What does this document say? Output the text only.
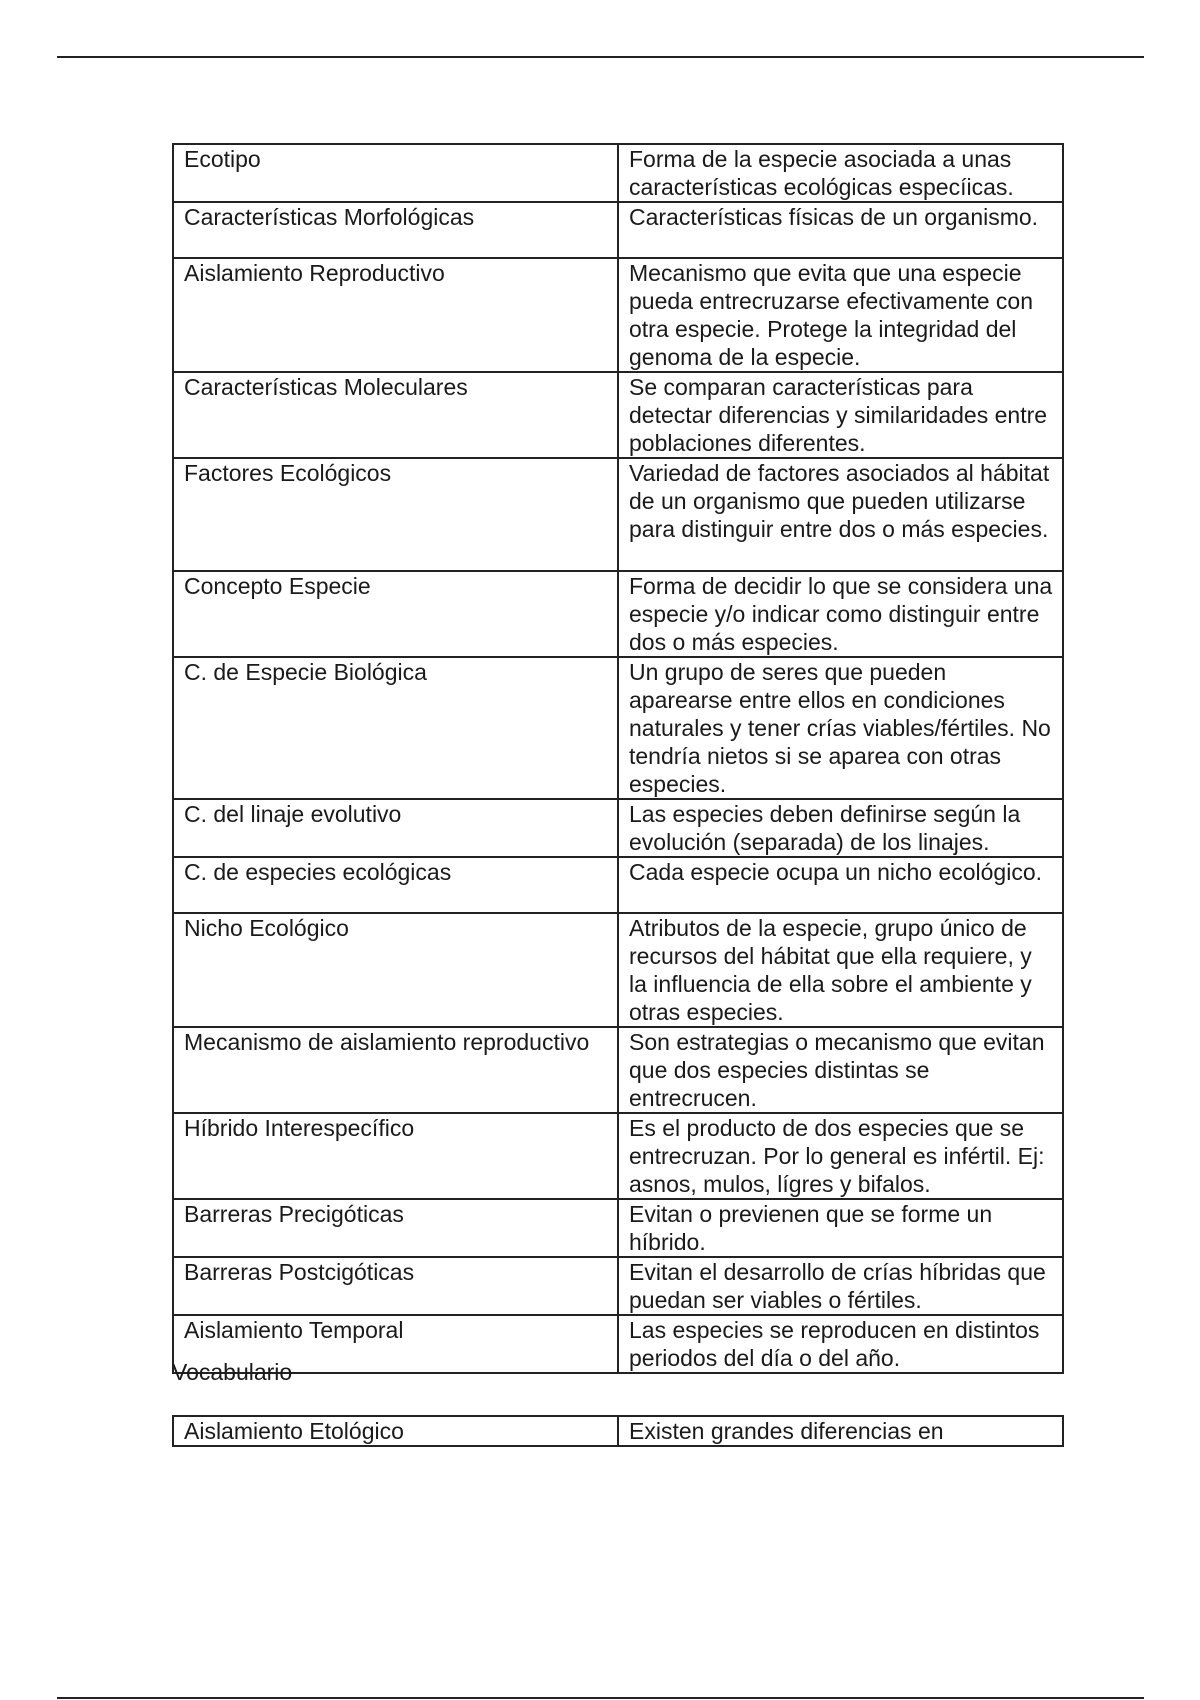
Ecotipo	Forma de la especie asociada a unas características ecológicas especíicas.
Características Morfológicas	Características físicas de un organismo.
Aislamiento Reproductivo	Mecanismo que evita que una especie pueda entrecruzarse efectivamente con otra especie. Protege la integridad del genoma de la especie.
Características Moleculares	Se comparan características para detectar diferencias y similaridades entre poblaciones diferentes.
Factores Ecológicos	Variedad de factores asociados al hábitat de un organismo que pueden utilizarse para distinguir entre dos o más especies.
Concepto Especie	Forma de decidir lo que se considera una especie y/o indicar como distinguir entre dos o más especies.
C. de Especie Biológica	Un grupo de seres que pueden aparearse entre ellos en condiciones naturales y tener crías viables/fértiles. No tendría nietos si se aparea con otras especies.
C. del linaje evolutivo	Las especies deben definirse según la evolución (separada) de los linajes.
C. de especies ecológicas	Cada especie ocupa un nicho ecológico.
Nicho Ecológico	Atributos de la especie, grupo único de recursos del hábitat que ella requiere, y la influencia de ella sobre el ambiente y otras especies.
Mecanismo de aislamiento reproductivo	Son estrategias o mecanismo que evitan que dos especies distintas se entrecrucen.
Híbrido Interespecífico	Es el producto de dos especies que se entrecruzan. Por lo general es infértil. Ej: asnos, mulos, lígres y bifalos.
Barreras Precigóticas	Evitan o previenen que se forme un híbrido.
Barreras Postcigóticas	Evitan el desarrollo de crías híbridas que puedan ser viables o fértiles.
Aislamiento Temporal	Las especies se reproducen en distintos periodos del día o del año.
Vocabulario
Aislamiento Etológico	Existen grandes diferencias en
